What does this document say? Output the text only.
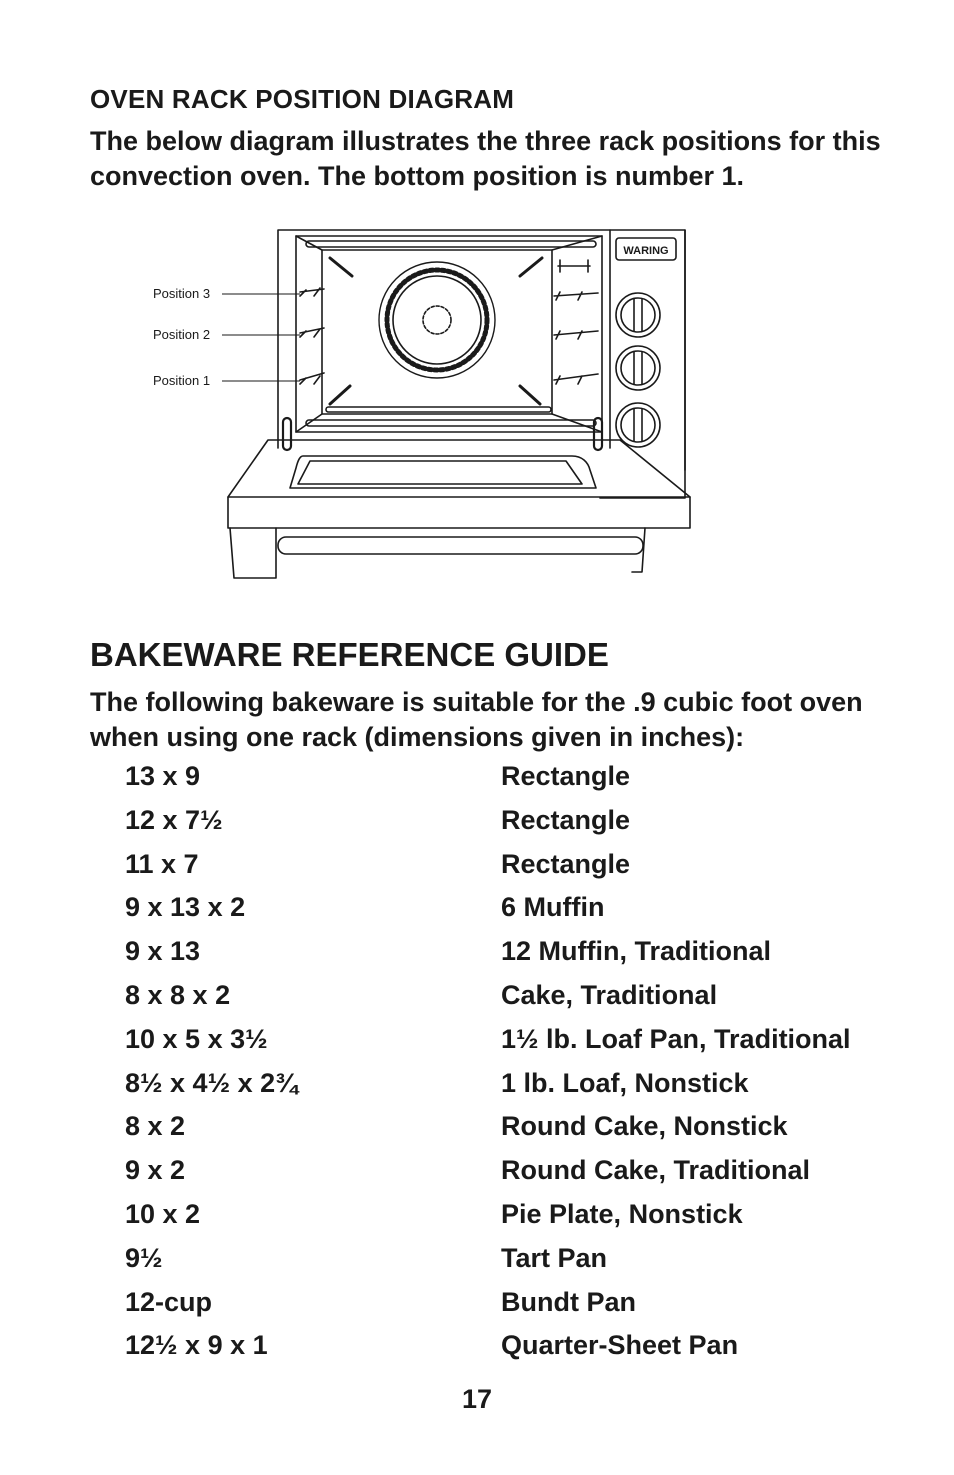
OVEN RACK POSITION DIAGRAM

The below diagram illustrates the three rack positions for this convection oven. The bottom position is number 1.

WARING
Position 3
Position 2
Position 1
BAKEWARE REFERENCE GUIDE

The following bakeware is suitable for the .9 cubic foot oven when using one rack (dimensions given in inches):

13 x 9	Rectangle
12 x 7½	Rectangle
11 x 7	Rectangle
9 x 13 x 2	6 Muffin
9 x 13	12 Muffin, Traditional
8 x 8 x 2	Cake, Traditional
10 x 5 x 3½	1½ lb. Loaf Pan, Traditional
8½ x 4½ x 2¾	1 lb. Loaf, Nonstick
8 x 2	Round Cake, Nonstick
9 x 2	Round Cake, Traditional
10 x 2	Pie Plate, Nonstick
9½	Tart Pan
12-cup	Bundt Pan
12½ x 9 x 1	Quarter-Sheet Pan
17
